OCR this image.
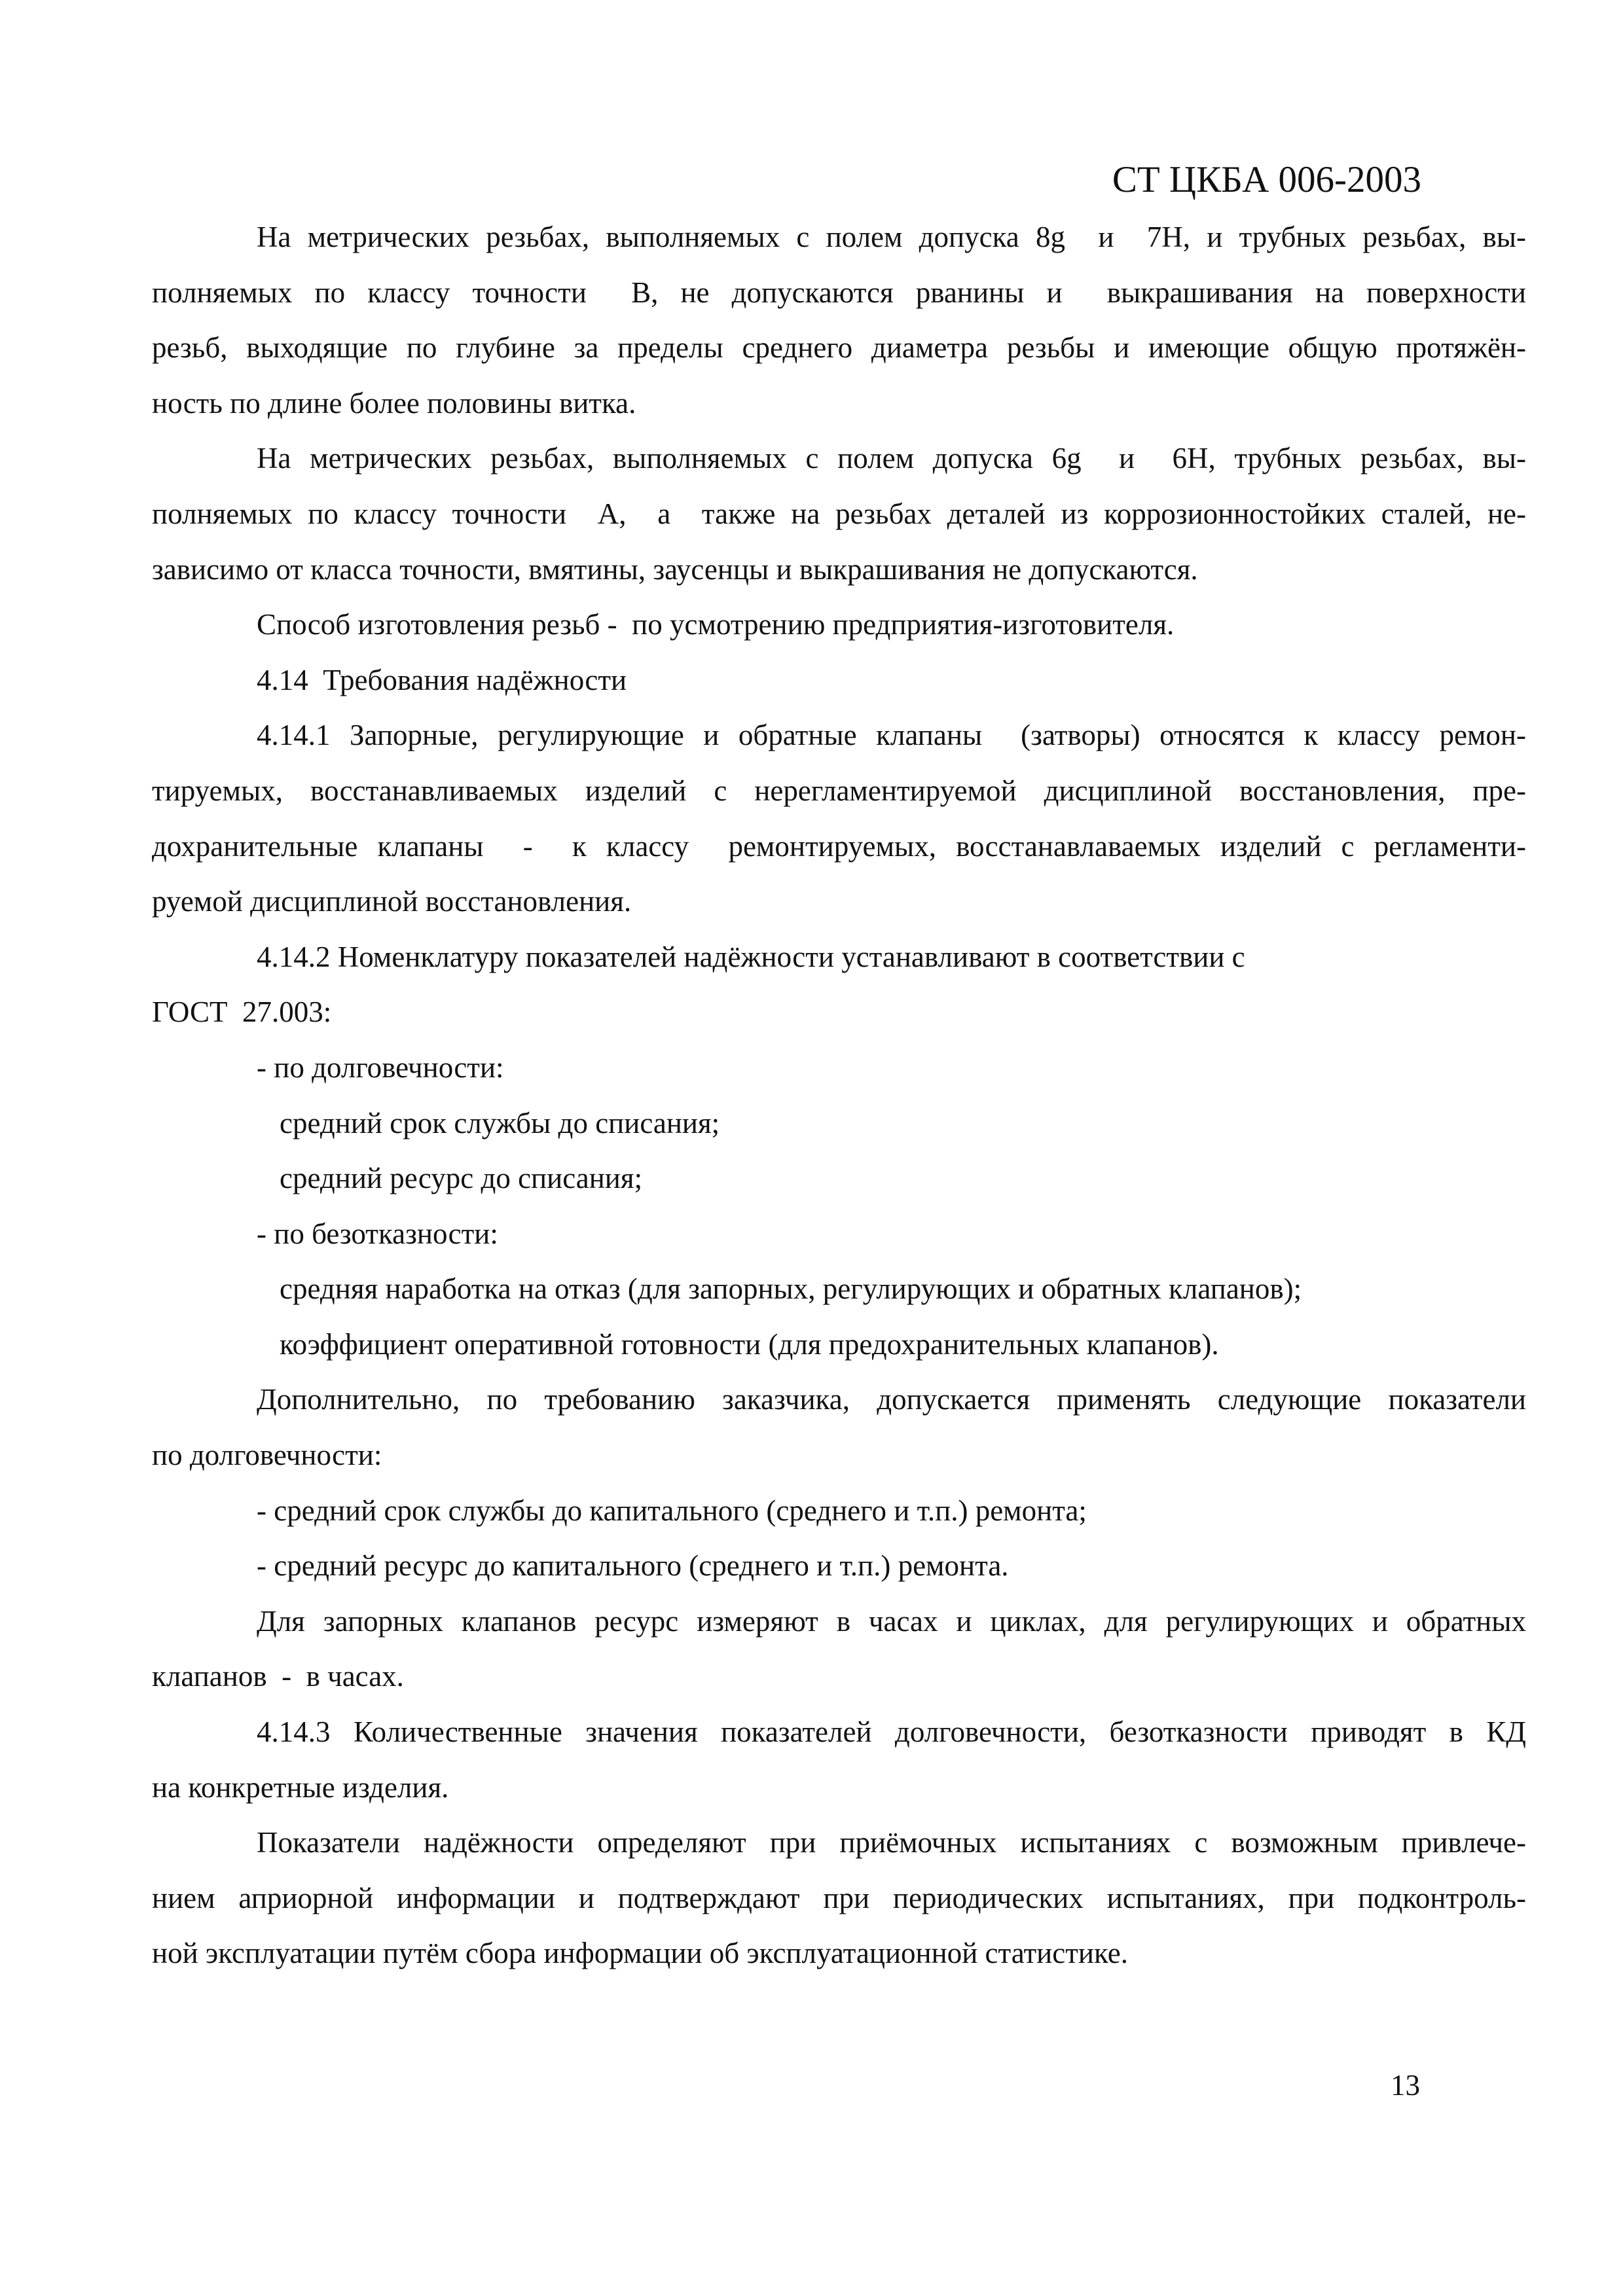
СТ ЦКБА 006-2003
На метрических резьбах, выполняемых с полем допуска 8g  и  7Н, и трубных резьбах, вы-
полняемых по классу точности  В, не допускаются рванины и  выкрашивания на поверхности
резьб, выходящие по глубине за пределы среднего диаметра резьбы и имеющие общую протяжён-
ность по длине более половины витка.
На метрических резьбах, выполняемых с полем допуска 6g  и  6Н, трубных резьбах, вы-
полняемых по классу точности  А,  а  также на резьбах деталей из коррозионностойких сталей, не-
зависимо от класса точности, вмятины, заусенцы и выкрашивания не допускаются.
Способ изготовления резьб -  по усмотрению предприятия-изготовителя.
4.14  Требования надёжности
4.14.1 Запорные, регулирующие и обратные клапаны  (затворы) относятся к классу ремон-
тируемых, восстанавливаемых изделий с нерегламентируемой дисциплиной восстановления, пре-
дохранительные клапаны  -  к классу  ремонтируемых, восстанавлаваемых изделий с регламенти-
руемой дисциплиной восстановления.
4.14.2 Номенклатуру показателей надёжности устанавливают в соответствии с
ГОСТ  27.003:
- по долговечности:
средний срок службы до списания;
средний ресурс до списания;
- по безотказности:
средняя наработка на отказ (для запорных, регулирующих и обратных клапанов);
коэффициент оперативной готовности (для предохранительных клапанов).
Дополнительно, по требованию заказчика, допускается применять следующие показатели
по долговечности:
- средний срок службы до капитального (среднего и т.п.) ремонта;
- средний ресурс до капитального (среднего и т.п.) ремонта.
Для запорных клапанов ресурс измеряют в часах и циклах, для регулирующих и обратных
клапанов  -  в часах.
4.14.3 Количественные значения показателей долговечности, безотказности приводят в КД
на конкретные изделия.
Показатели надёжности определяют при приёмочных испытаниях с возможным привлече-
нием априорной информации и подтверждают при периодических испытаниях, при подконтроль-
ной эксплуатации путём сбора информации об эксплуатационной статистике.
13
